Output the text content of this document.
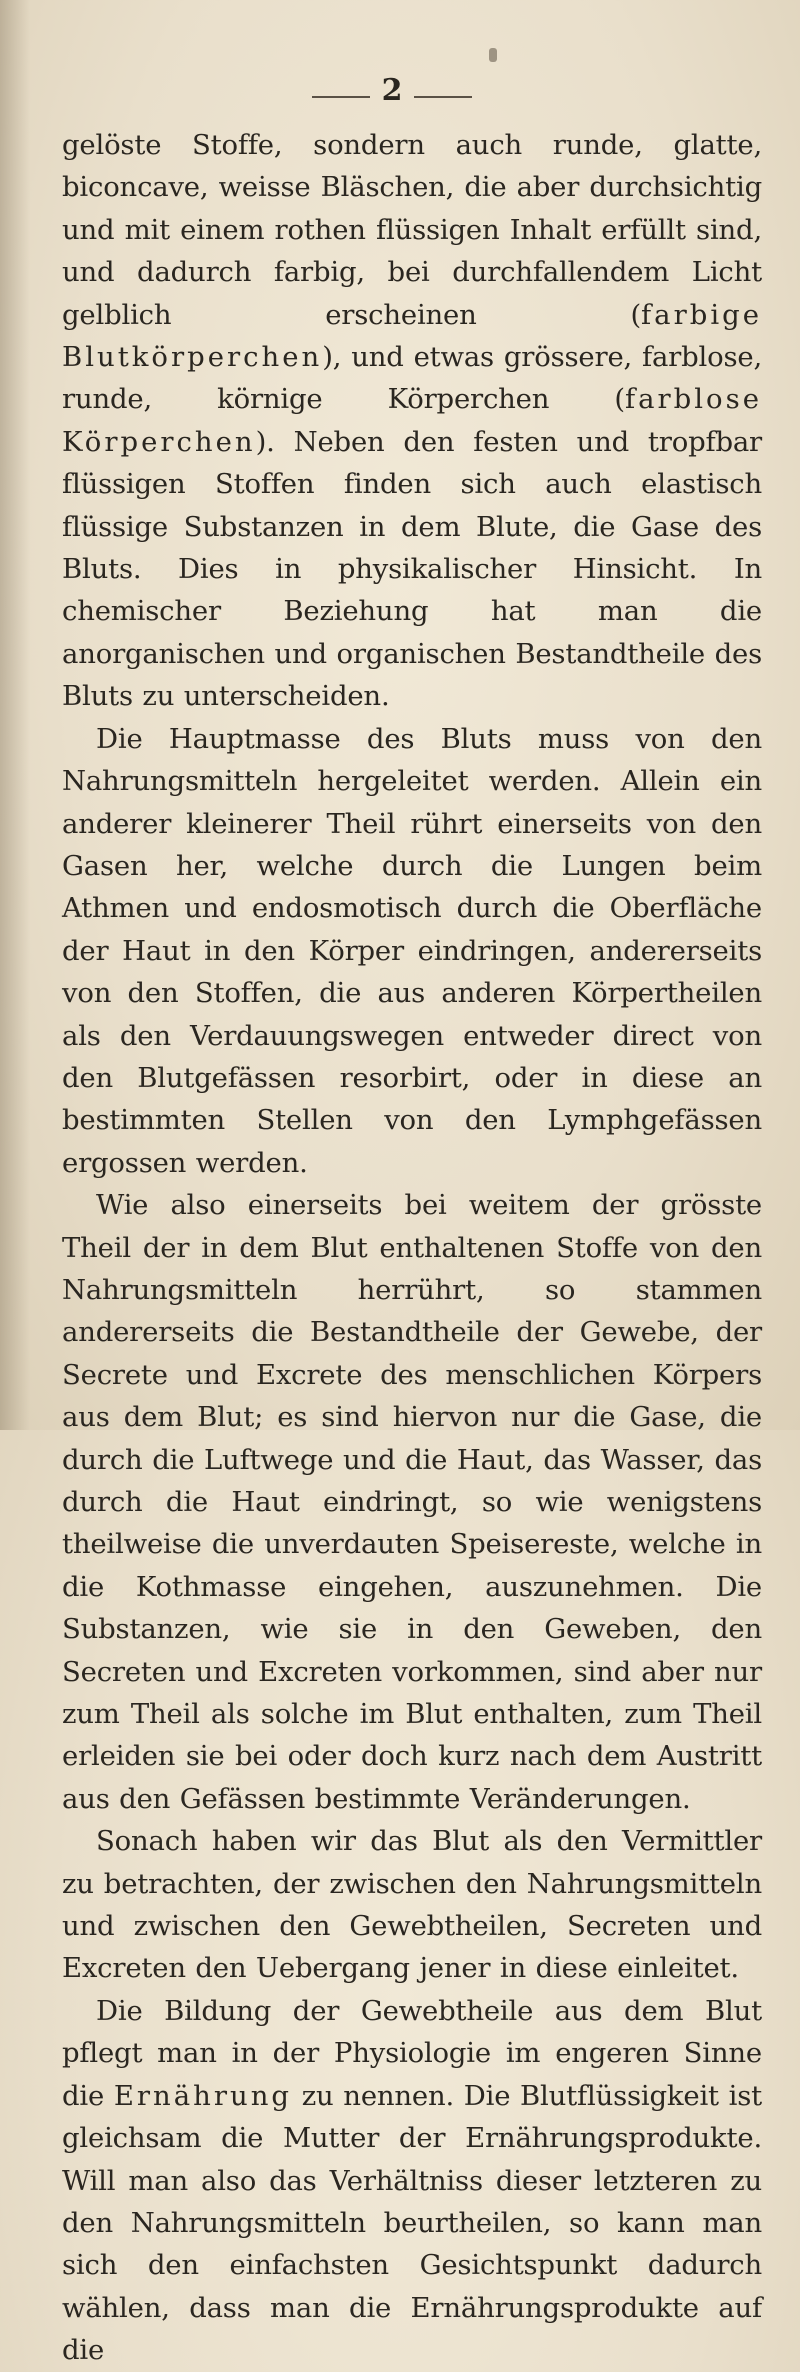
2

gelöste Stoffe, sondern auch runde, glatte, biconcave, weisse Bläschen, die aber durchsichtig und mit einem rothen flüssigen Inhalt erfüllt sind, und dadurch farbig, bei durchfallendem Licht gelblich erscheinen (farbige Blutkörperchen), und etwas grössere, farblose, runde, körnige Körperchen (farblose Körperchen). Neben den festen und tropfbar flüssigen Stoffen finden sich auch elastisch flüssige Substanzen in dem Blute, die Gase des Bluts. Dies in physikalischer Hinsicht. In chemischer Beziehung hat man die anorganischen und organischen Bestandtheile des Bluts zu unterscheiden.

Die Hauptmasse des Bluts muss von den Nahrungsmitteln hergeleitet werden. Allein ein anderer kleinerer Theil rührt einerseits von den Gasen her, welche durch die Lungen beim Athmen und endosmotisch durch die Oberfläche der Haut in den Körper eindringen, andererseits von den Stoffen, die aus anderen Körpertheilen als den Verdauungswegen entweder direct von den Blutgefässen resorbirt, oder in diese an bestimmten Stellen von den Lymphgefässen ergossen werden.

Wie also einerseits bei weitem der grösste Theil der in dem Blut enthaltenen Stoffe von den Nahrungsmitteln herrührt, so stammen andererseits die Bestandtheile der Gewebe, der Secrete und Excrete des menschlichen Körpers aus dem Blut; es sind hiervon nur die Gase, die durch die Luftwege und die Haut, das Wasser, das durch die Haut eindringt, so wie wenigstens theilweise die unverdauten Speisereste, welche in die Kothmasse eingehen, auszunehmen. Die Substanzen, wie sie in den Geweben, den Secreten und Excreten vorkommen, sind aber nur zum Theil als solche im Blut enthalten, zum Theil erleiden sie bei oder doch kurz nach dem Austritt aus den Gefässen bestimmte Veränderungen.

Sonach haben wir das Blut als den Vermittler zu betrachten, der zwischen den Nahrungsmitteln und zwischen den Gewebtheilen, Secreten und Excreten den Uebergang jener in diese einleitet.

Die Bildung der Gewebtheile aus dem Blut pflegt man in der Physiologie im engeren Sinne die Ernährung zu nennen. Die Blutflüssigkeit ist gleichsam die Mutter der Ernährungsprodukte. Will man also das Verhältniss dieser letzteren zu den Nahrungsmitteln beurtheilen, so kann man sich den einfachsten Gesichtspunkt dadurch wählen, dass man die Ernährungsprodukte auf die
